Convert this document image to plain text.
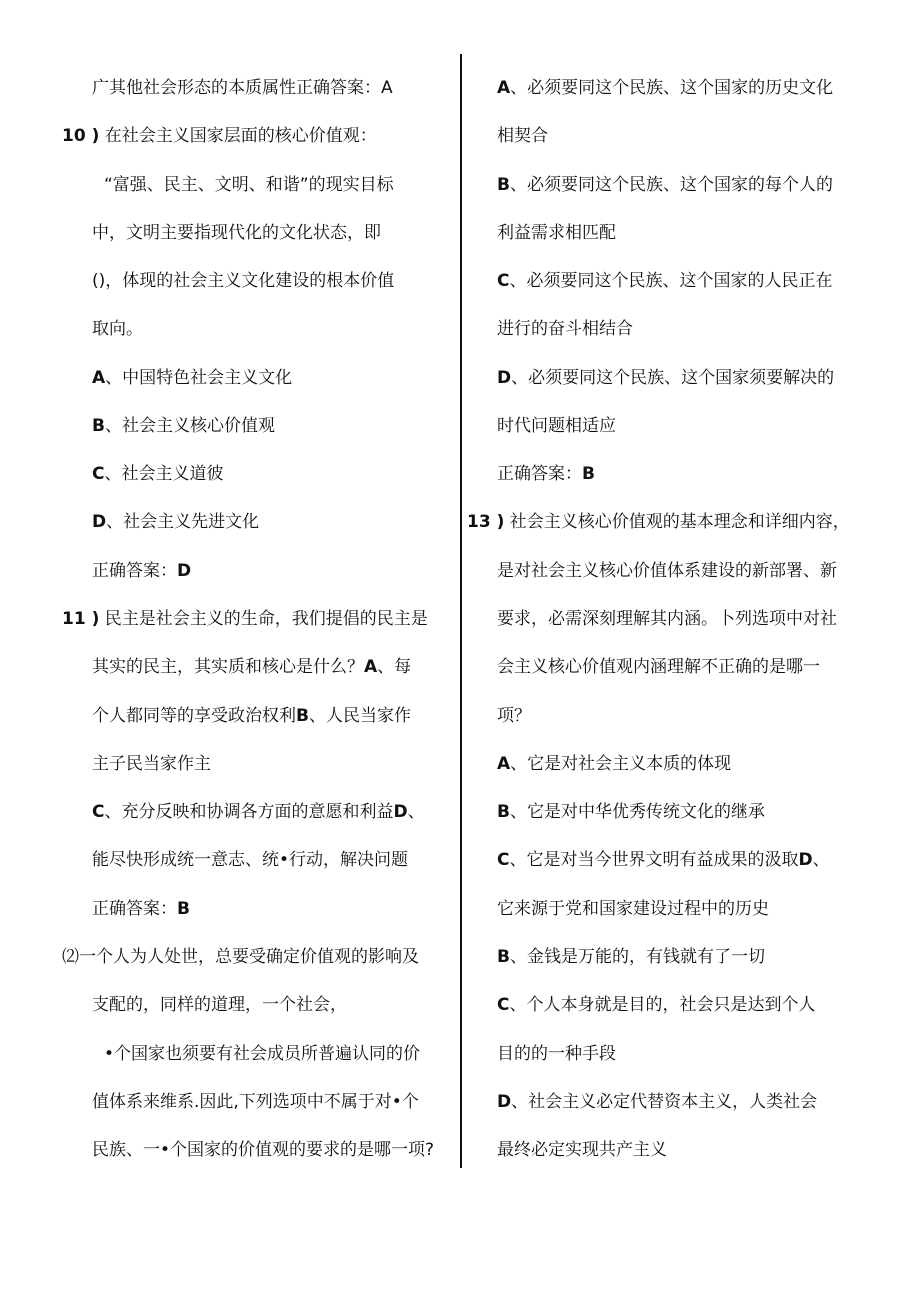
广其他社会形态的本质属性正确答案：A
10 ) 在社会主义国家层面的核心价值观：
“富强、民主、文明、和谐”的现实目标
中，文明主要指现代化的文化状态，即
()，体现的社会主义文化建设的根本价值
取向。
A、中国特色社会主义文化
B、社会主义核心价值观
C、社会主义道彼
D、社会主义先进文化
正确答案：D
11 ) 民主是社会主义的生命，我们提倡的民主是
其实的民主，其实质和核心是什么？A、每
个人都同等的享受政治权利B、人民当家作
主子民当家作主
C、充分反映和协调各方面的意愿和利益D、
能尽快形成统一意志、统•行动，解决问题
正确答案：B
⑵一个人为人处世，总要受确定价值观的影响及
支配的，同样的道理，一个社会，
•个国家也须要有社会成员所普遍认同的价
值体系来维系.因此,下列选项中不属于对•个
民族、一•个国家的价值观的要求的是哪一项?
A、必须要同这个民族、这个国家的历史文化
相契合
B、必须要同这个民族、这个国家的每个人的
利益需求相匹配
C、必须要同这个民族、这个国家的人民正在
进行的奋斗相结合
D、必须要同这个民族、这个国家须要解决的
时代问题相适应
正确答案：B
13 ) 社会主义核心价值观的基本理念和详细内容，
是对社会主义核心价值体系建设的新部署、新
要求，必需深刻理解其内涵。卜列选项中对社
会主义核心价值观内涵理解不正确的是哪一
项？
A、它是对社会主义本质的体现
B、它是对中华优秀传统文化的继承
C、它是对当今世界文明有益成果的汲取D、
它来源于党和国家建设过程中的历史
B、金钱是万能的，有钱就有了一切
C、个人本身就是目的，社会只是达到个人
目的的一种手段
D、社会主义必定代替资本主义，人类社会
最终必定实现共产主义
